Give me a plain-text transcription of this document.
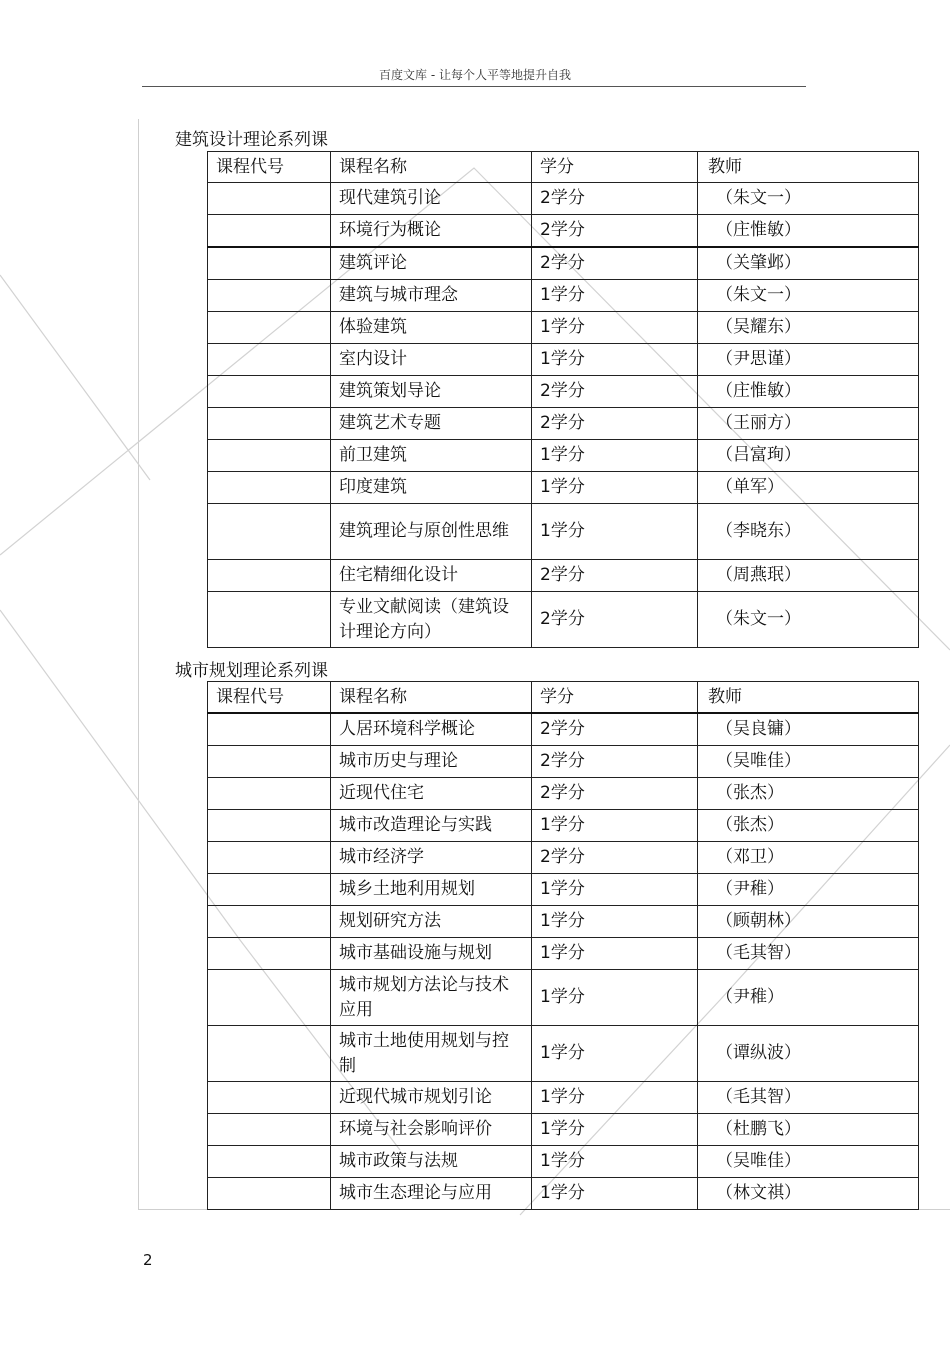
百度文库 - 让每个人平等地提升自我
建筑设计理论系列课
课程代号	课程名称	学分	教师
	现代建筑引论	2学分	（朱文一）
	环境行为概论	2学分	（庄惟敏）
	建筑评论	2学分	（关肇邺）
	建筑与城市理念	1学分	（朱文一）
	体验建筑	1学分	（吴耀东）
	室内设计	1学分	（尹思谨）
	建筑策划导论	2学分	（庄惟敏）
	建筑艺术专题	2学分	（王丽方）
	前卫建筑	1学分	（吕富珣）
	印度建筑	1学分	（单军）
	建筑理论与原创性思维	1学分	（李晓东）
	住宅精细化设计	2学分	（周燕珉）
	专业文献阅读（建筑设计理论方向）	2学分	（朱文一）
城市规划理论系列课
课程代号	课程名称	学分	教师
	人居环境科学概论	2学分	（吴良镛）
	城市历史与理论	2学分	（吴唯佳）
	近现代住宅	2学分	（张杰）
	城市改造理论与实践	1学分	（张杰）
	城市经济学	2学分	（邓卫）
	城乡土地利用规划	1学分	（尹稚）
	规划研究方法	1学分	（顾朝林）
	城市基础设施与规划	1学分	（毛其智）
	城市规划方法论与技术应用	1学分	（尹稚）
	城市土地使用规划与控制	1学分	（谭纵波）
	近现代城市规划引论	1学分	（毛其智）
	环境与社会影响评价	1学分	（杜鹏飞）
	城市政策与法规	1学分	（吴唯佳）
	城市生态理论与应用	1学分	（林文祺）
2
